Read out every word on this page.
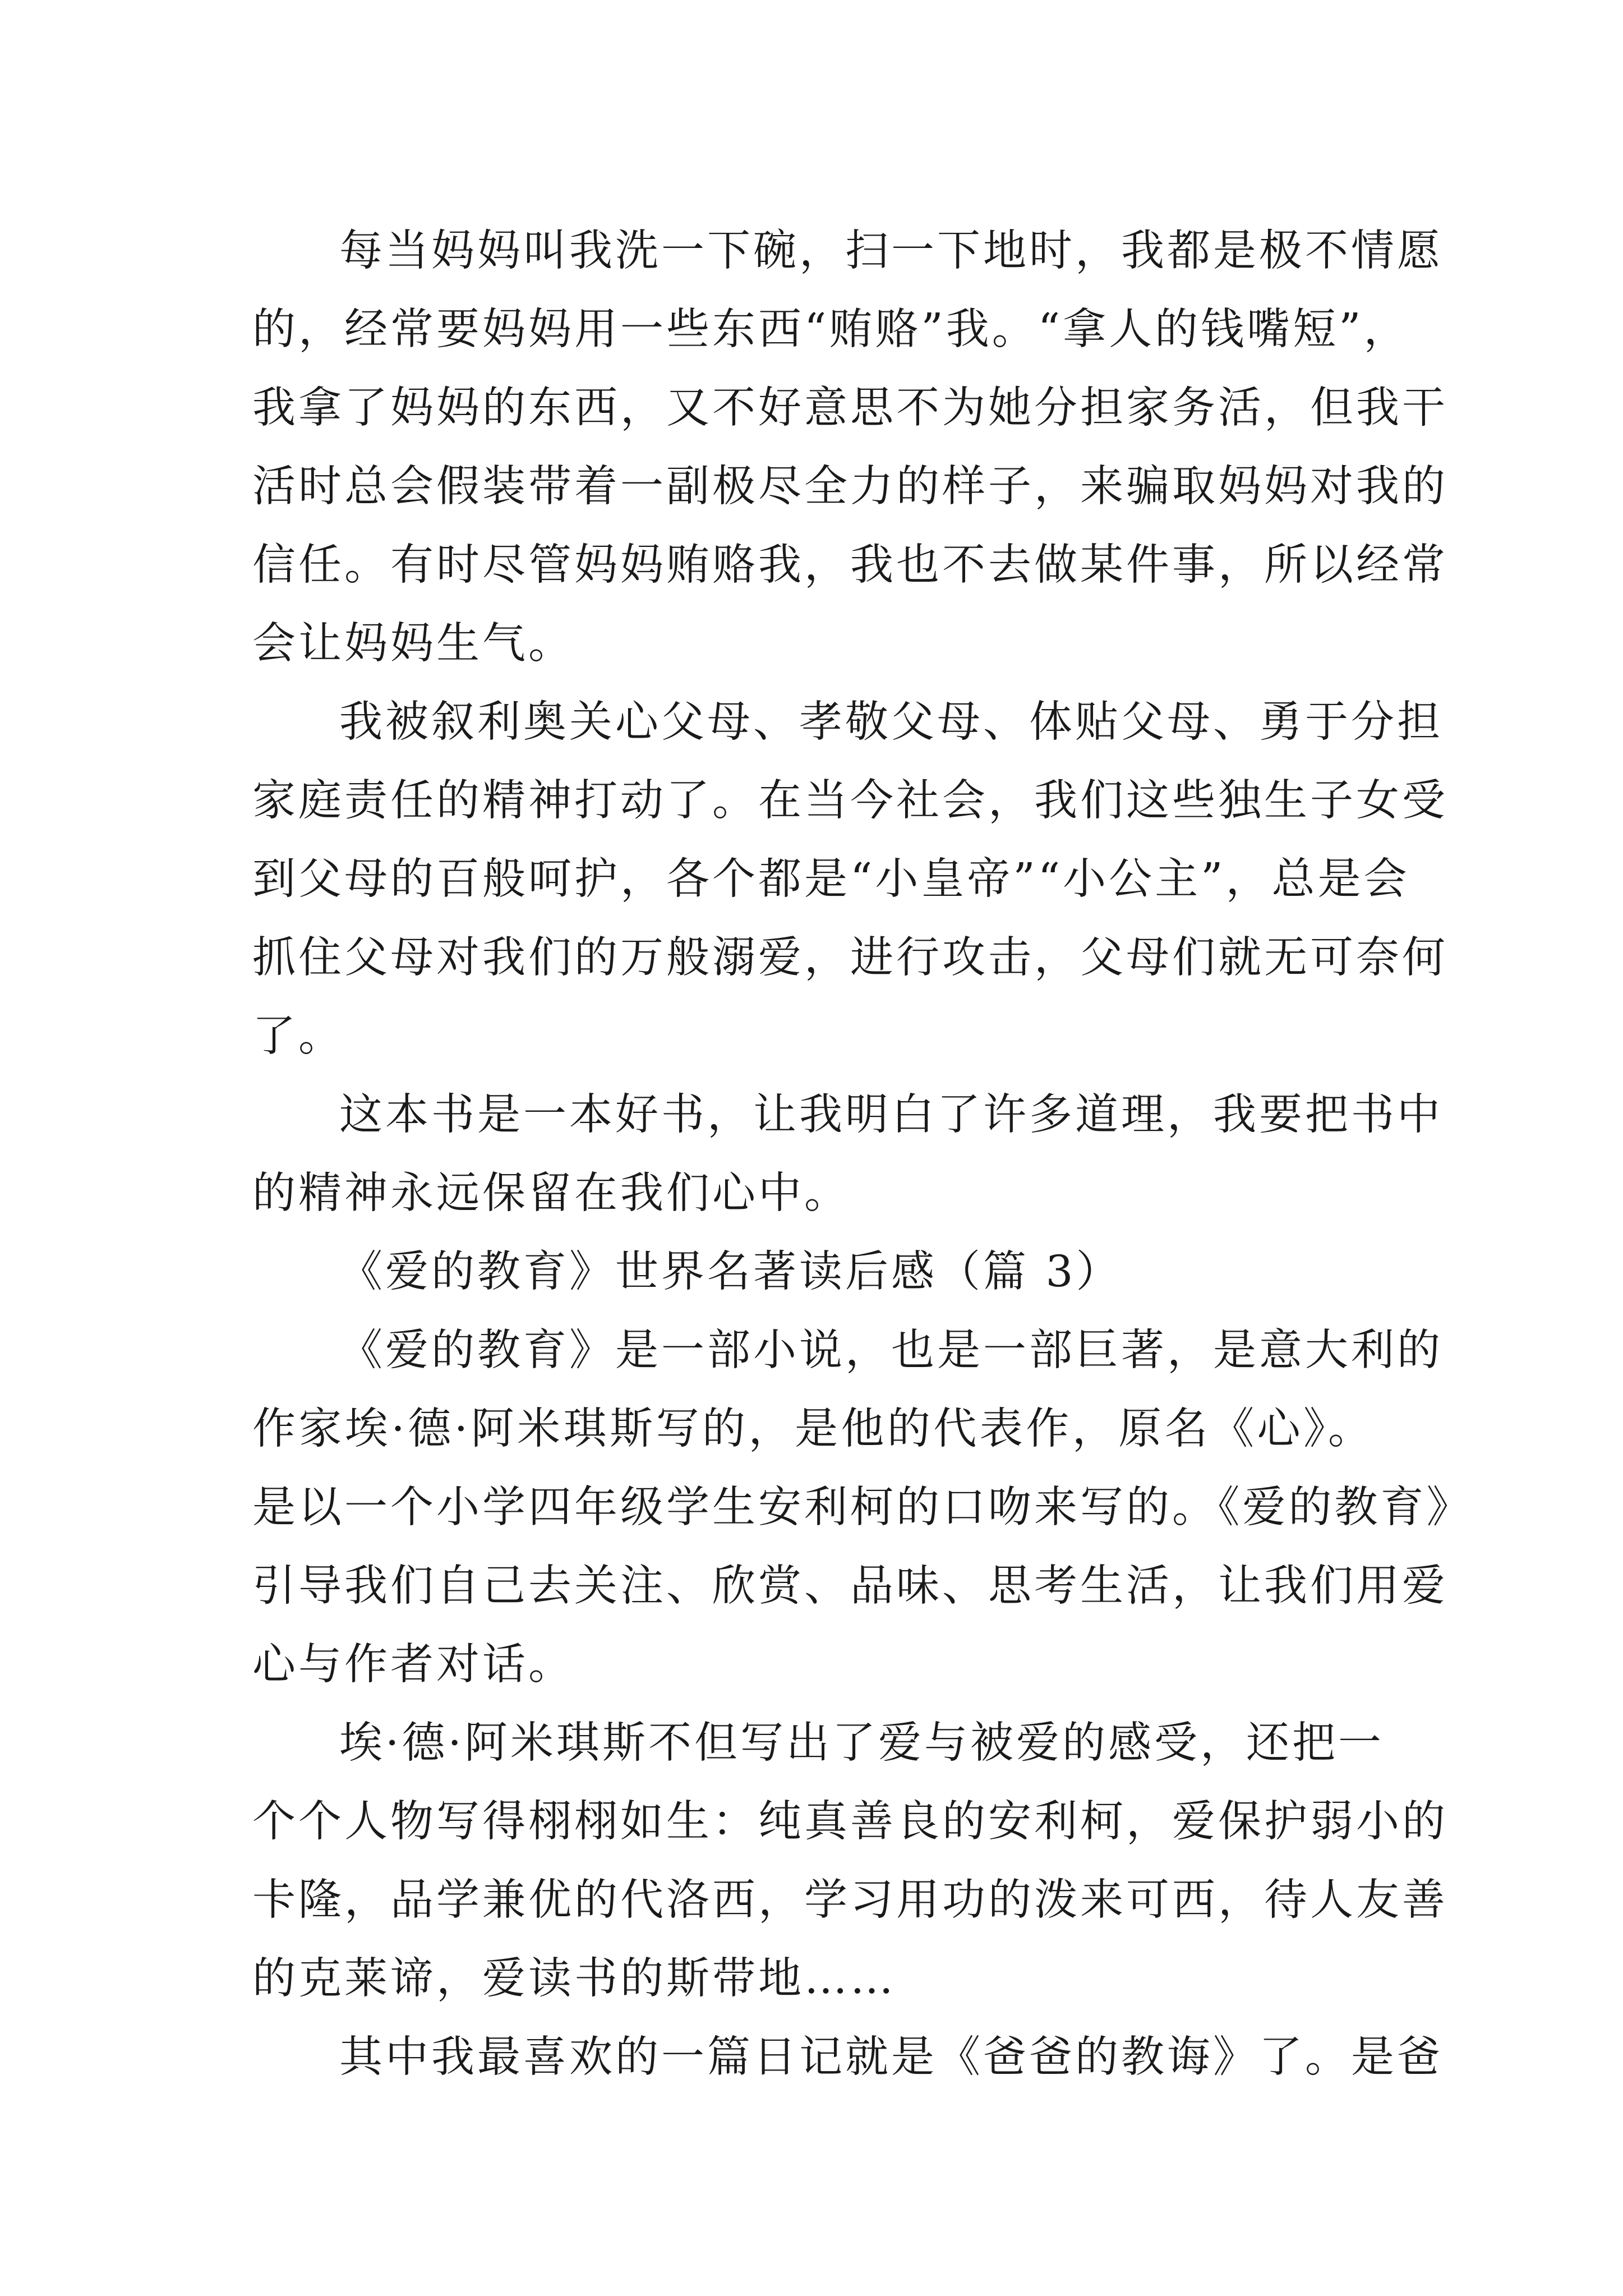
每当妈妈叫我洗一下碗，扫一下地时，我都是极不情愿
的，经常要妈妈用一些东西“贿赂”我。“拿人的钱嘴短”，
我拿了妈妈的东西，又不好意思不为她分担家务活，但我干
活时总会假装带着一副极尽全力的样子，来骗取妈妈对我的
信任。有时尽管妈妈贿赂我，我也不去做某件事，所以经常
会让妈妈生气。
我被叙利奥关心父母、孝敬父母、体贴父母、勇于分担
家庭责任的精神打动了。在当今社会，我们这些独生子女受
到父母的百般呵护，各个都是“小皇帝”“小公主”，总是会
抓住父母对我们的万般溺爱，进行攻击，父母们就无可奈何
了。
这本书是一本好书，让我明白了许多道理，我要把书中
的精神永远保留在我们心中。
《爱的教育》世界名著读后感（篇 3）
《爱的教育》是一部小说，也是一部巨著，是意大利的
作家埃·德·阿米琪斯写的，是他的代表作，原名《心》。
是以一个小学四年级学生安利柯的口吻来写的。《爱的教育》
引导我们自己去关注、欣赏、品味、思考生活，让我们用爱
心与作者对话。
埃·德·阿米琪斯不但写出了爱与被爱的感受，还把一
个个人物写得栩栩如生：纯真善良的安利柯，爱保护弱小的
卡隆，品学兼优的代洛西，学习用功的泼来可西，待人友善
的克莱谛，爱读书的斯带地……
其中我最喜欢的一篇日记就是《爸爸的教诲》了。是爸
